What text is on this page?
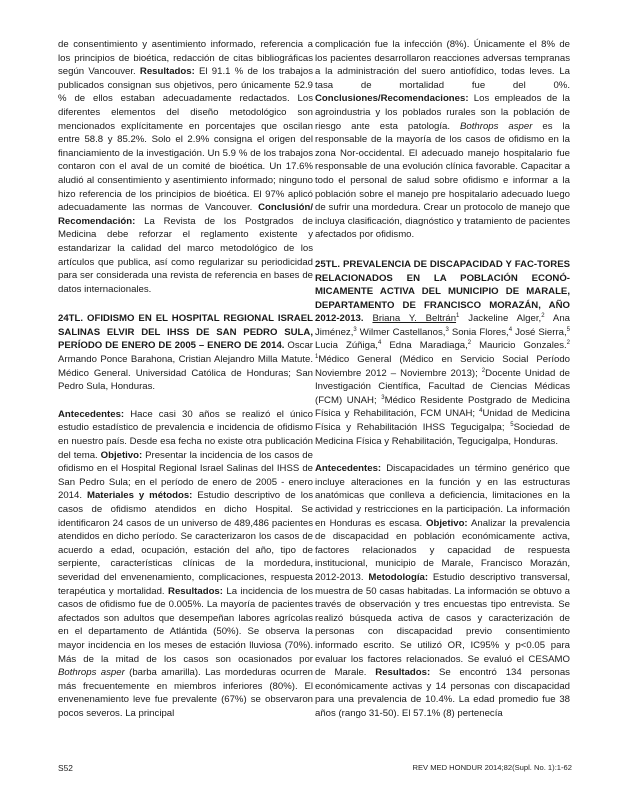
de consentimiento y asentimiento informado, referencia a los principios de bioética, redacción de citas bibliográficas según Vancouver. Resultados: El 91.1 % de los trabajos publicados consignan sus objetivos, pero únicamente 52.9 % de ellos estaban adecuadamente redactados. Los diferentes elementos del diseño metodológico son mencionados explícitamente en porcentajes que oscilan entre 58.8 y 85.2%. Solo el 2.9% consigna el origen del financiamiento de la investigación. Un 5.9 % de los trabajos contaron con el aval de un comité de bioética. Un 17.6% aludió al consentimiento y asentimiento informado; ninguno hizo referencia de los principios de bioética. El 97% aplicó adecuadamente las normas de Vancouver. Conclusión/ Recomendación: La Revista de los Postgrados de Medicina debe reforzar el reglamento existente y estandarizar la calidad del marco metodológico de los artículos que publica, así como regularizar su periodicidad para ser considerada una revista de referencia en bases de datos internacionales.

24TL. OFIDISMO EN EL HOSPITAL REGIONAL ISRAEL SALINAS ELVIR DEL IHSS DE SAN PEDRO SULA, PERÍODO DE ENERO DE 2005 – ENERO DE 2014. Oscar Armando Ponce Barahona, Cristian Alejandro Milla Matute. Médico General. Universidad Católica de Honduras; San Pedro Sula, Honduras.

Antecedentes: Hace casi 30 años se realizó el único estudio estadístico de prevalencia e incidencia de ofidismo en nuestro país. Desde esa fecha no existe otra publicación del tema. Objetivo: Presentar la incidencia de los casos de ofidismo en el Hospital Regional Israel Salinas del IHSS de San Pedro Sula; en el período de enero de 2005 - enero 2014. Materiales y métodos: Estudio descriptivo de los casos de ofidismo atendidos en dicho Hospital. Se identificaron 24 casos de un universo de 489,486 pacientes atendidos en dicho período. Se caracterizaron los casos de acuerdo a edad, ocupación, estación del año, tipo de serpiente, características clínicas de la mordedura, severidad del envenenamiento, complicaciones, respuesta terapéutica y mortalidad. Resultados: La incidencia de los casos de ofidismo fue de 0.005%. La mayoría de pacientes afectados son adultos que desempeñan labores agrícolas en el departamento de Atlántida (50%). Se observa la mayor incidencia en los meses de estación lluviosa (70%). Más de la mitad de los casos son ocasionados por Bothrops asper (barba amarilla). Las mordeduras ocurren más frecuentemente en miembros inferiores (80%). El envenenamiento leve fue prevalente (67%) se observaron pocos severos. La principal

complicación fue la infección (8%). Únicamente el 8% de los pacientes desarrollaron reacciones adversas tempranas a la administración del suero antiofídico, todas leves. La tasa de mortalidad fue del 0%. Conclusiones/Recomendaciones: Los empleados de la agroindustria y los poblados rurales son la población de riesgo ante esta patología. Bothrops asper es la responsable de la mayoría de los casos de ofidismo en la zona Nor-occidental. El adecuado manejo hospitalario fue responsable de una evolución clínica favorable. Capacitar a todo el personal de salud sobre ofidismo e informar a la población sobre el manejo pre hospitalario adecuado luego de sufrir una mordedura. Crear un protocolo de manejo que incluya clasificación, diagnóstico y tratamiento de pacientes afectados por ofidismo.

25TL. PREVALENCIA DE DISCAPACIDAD Y FAC-TORES RELACIONADOS EN LA POBLACIÓN ECONÓ-MICAMENTE ACTIVA DEL MUNICIPIO DE MARALE, DEPARTAMENTO DE FRANCISCO MORAZÁN, AÑO 2012-2013. Briana Y. Beltrán$^1$ Jackeline Alger,$^2$ Ana Jiménez,$^3$ Wilmer Castellanos,$^3$ Sonia Flores,$^4$ José Sierra,$^5$ Lucia Zúñiga,$^4$ Edna Maradiaga,$^2$ Mauricio Gonzales.$^2$ $^1$Médico General (Médico en Servicio Social Período Noviembre 2012 – Noviembre 2013); $^2$Docente Unidad de Investigación Científica, Facultad de Ciencias Médicas (FCM) UNAH; $^3$Médico Residente Postgrado de Medicina Física y Rehabilitación, FCM UNAH; $^4$Unidad de Medicina Física y Rehabilitación IHSS Tegucigalpa; $^5$Sociedad de Medicina Física y Rehabilitación, Tegucigalpa, Honduras.

Antecedentes: Discapacidades un término genérico que incluye alteraciones en la función y en las estructuras anatómicas que conlleva a deficiencia, limitaciones en la actividad y restricciones en la participación. La información en Honduras es escasa. Objetivo: Analizar la prevalencia de discapacidad en población económicamente activa, factores relacionados y capacidad de respuesta institucional, municipio de Marale, Francisco Morazán, 2012-2013. Metodología: Estudio descriptivo transversal, muestra de 50 casas habitadas. La información se obtuvo a través de observación y tres encuestas tipo entrevista. Se realizó búsqueda activa de casos y caracterización de personas con discapacidad previo consentimiento informado escrito. Se utilizó OR, IC95% y p<0.05 para evaluar los factores relacionados. Se evaluó el CESAMO de Marale. Resultados: Se encontró 134 personas económicamente activas y 14 personas con discapacidad para una prevalencia de 10.4%. La edad promedio fue 38 años (rango 31-50). El 57.1% (8) pertenecía

S52	REV MED HONDUR 2014;82(Supl. No. 1):1-62
